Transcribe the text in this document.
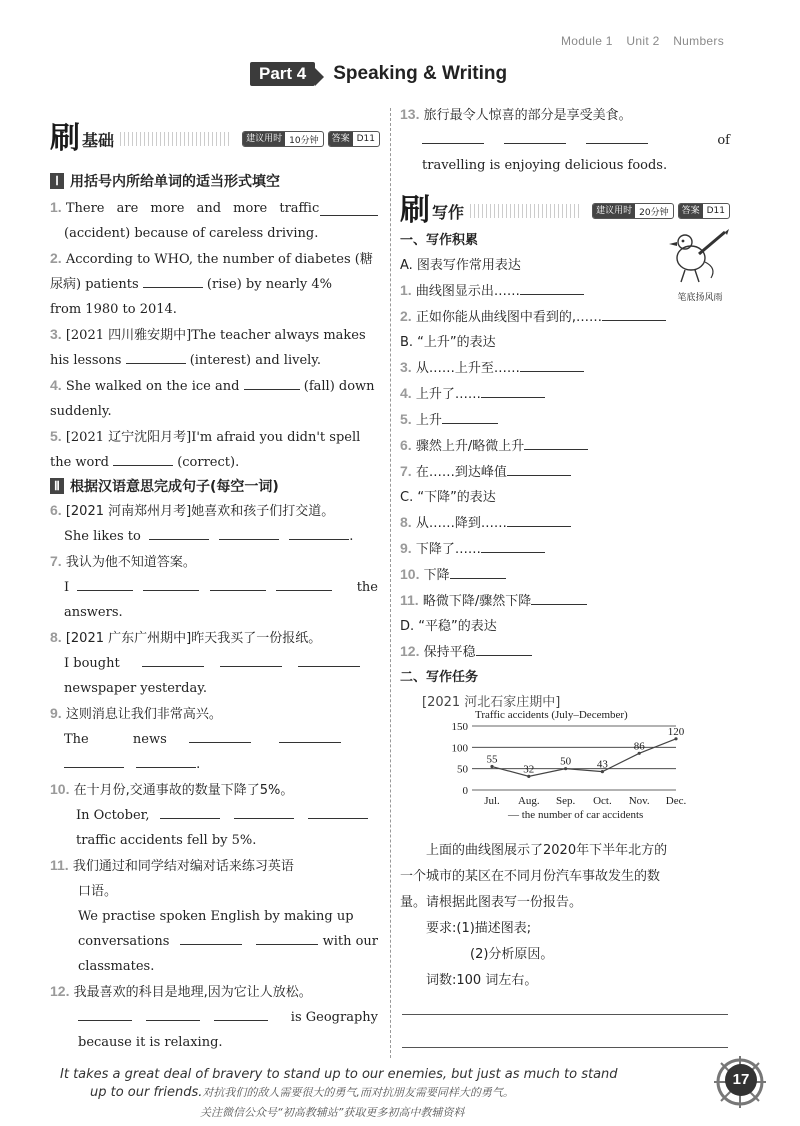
Module 1 Unit 2 Numbers
Part 4	Speaking & Writing
刷 基础	建议用时 10分钟	答案 D11
Ⅰ 用括号内所给单词的适当形式填空
1. There are more and more traffic
(accident) because of careless driving.
2. According to WHO, the number of diabetes (糖
尿病) patients	(rise) by nearly 4%
from 1980 to 2014.
3. [2021 四川雅安期中]The teacher always makes
his lessons	(interest) and lively.
4. She walked on the ice and	(fall) down
suddenly.
5. [2021 辽宁沈阳月考]I'm afraid you didn't spell
the word	(correct).
Ⅱ 根据汉语意思完成句子(每空一词)
6. [2021 河南郑州月考]她喜欢和孩子们打交道。
She likes to	.
7. 我认为他不知道答案。
I	the
answers.
8. [2021 广东广州期中]昨天我买了一份报纸。
I bought
newspaper yesterday.
9. 这则消息让我们非常高兴。
The	news
.
10. 在十月份,交通事故的数量下降了5%。
In October,
traffic accidents fell by 5%.
11. 我们通过和同学结对编对话来练习英语
口语。
We practise spoken English by making up
conversations	with our
classmates.
12. 我最喜欢的科目是地理,因为它让人放松。

is Geography
because it is relaxing.
13. 旅行最令人惊喜的部分是享受美食。

of
travelling is enjoying delicious foods.
刷 写作	建议用时 20分钟	答案 D11
笔底扬风雨
一、写作积累
A. 图表写作常用表达
1. 曲线图显示出……
2. 正如你能从曲线图中看到的,……
B. “上升”的表达
3. 从……上升至……
4. 上升了……
5. 上升
6. 骤然上升/略微上升
7. 在……到达峰值
C. “下降”的表达
8. 从……降到……
9. 下降了……
10. 下降
11. 略微下降/骤然下降
D. “平稳”的表达
12. 保持平稳
二、写作任务
[2021 河北石家庄期中]
Traffic accidents (July–December)
0
50
100
150
55
32
50 43
86
120
Jul. Aug. Sep. Oct. Nov. Dec.
— the number of car accidents
上面的曲线图展示了2020年下半年北方的
一个城市的某区在不同月份汽车事故发生的数
量。请根据此图表写一份报告。
要求:(1)描述图表;
(2)分析原因。
词数:100 词左右。
It takes a great deal of bravery to stand up to our enemies, but just as much to stand
up to our friends.对抗我们的敌人需要很大的勇气,而对抗朋友需要同样大的勇气。
关注微信公众号“初高教辅站”获取更多初高中教辅资料
17
